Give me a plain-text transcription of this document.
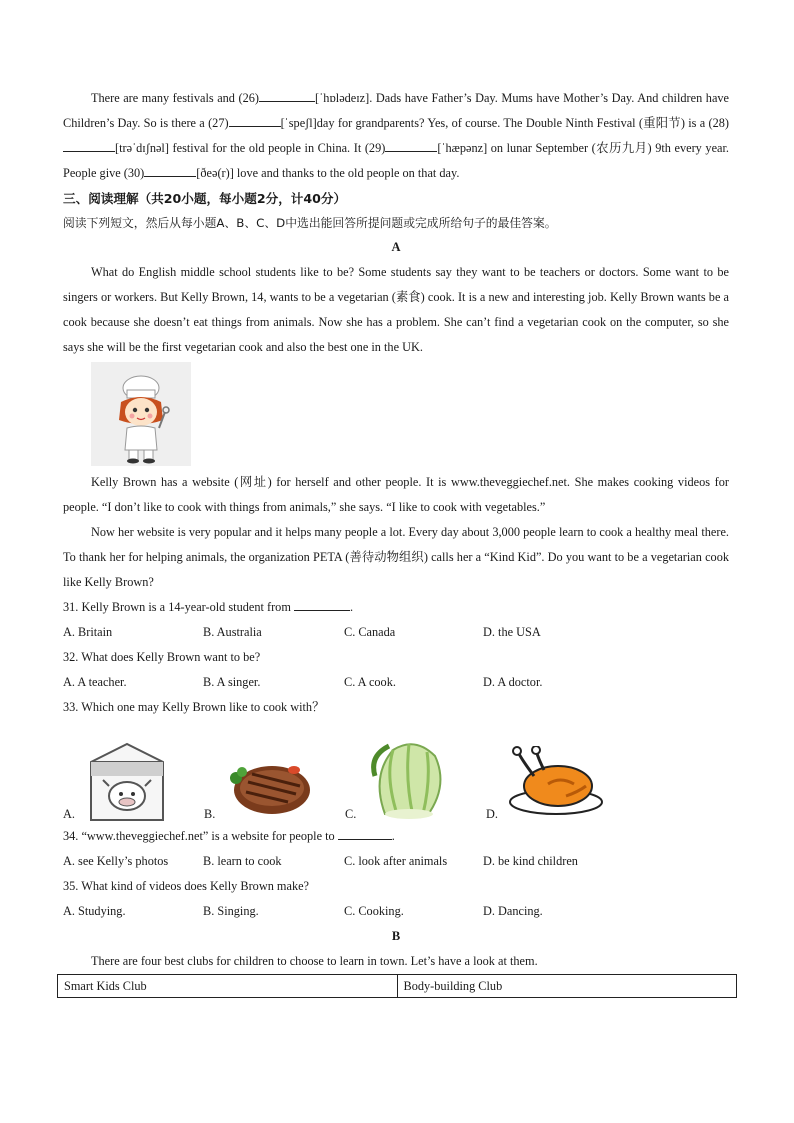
There are many festivals and (26)	[ˈhɒlədeɪz]. Dads have Father’s Day. Mums have Mother’s Day. And children have Children’s Day. So is there a (27)	[ˈspeʃl]day for grandparents? Yes, of course. The Double Ninth Festival (重阳节) is a (28)[trəˈdɪʃnəl] festival for the old people in China. It (29)	[ˈhæpənz] on lunar September (农历九月) 9th every year. People give (30)	[ðeə(r)] love and thanks to the old people on that day.

三、阅读理解（共20小题，每小题2分，计40分）
阅读下列短文，然后从每小题A、B、C、D中选出能回答所提问题或完成所给句子的最佳答案。
A

What do English middle school students like to be? Some students say they want to be teachers or doctors. Some want to be singers or workers. But Kelly Brown, 14, wants to be a vegetarian (素食) cook. It is a new and interesting job. Kelly Brown wants be a cook because she doesn’t eat things from animals. Now she has a problem. She can’t find a vegetarian cook on the computer, so she says she will be the first vegetarian cook and also the best one in the UK.

Kelly Brown has a website (网址) for herself and other people. It is www.theveggiechef.net. She makes cooking videos for people. “I don’t like to cook with things from animals,” she says. “I like to cook with vegetables.”

Now her website is very popular and it helps many people a lot. Every day about 3,000 people learn to cook a healthy meal there. To thank her for helping animals, the organization PETA (善待动物组织) calls her a “Kind Kid”. Do you want to be a vegetarian cook like Kelly Brown?

31. Kelly Brown is a 14-year-old student from	.
A. Britain	B. Australia	C. Canada	D. the USA
32. What does Kelly Brown want to be?
A. A teacher.	B. A singer.	C. A cook.	D. A doctor.
33. Which one may Kelly Brown like to cook with？
A.	B.	C.	D.
34. “www.theveggiechef.net” is a website for people to	.
A. see Kelly’s photos	B. learn to cook	C. look after animals	D. be kind children
35. What kind of videos does Kelly Brown make?
A. Studying.	B. Singing.	C. Cooking.	D. Dancing.
B

There are four best clubs for children to choose to learn in town. Let’s have a look at them.

Smart Kids Club	Body-building Club
